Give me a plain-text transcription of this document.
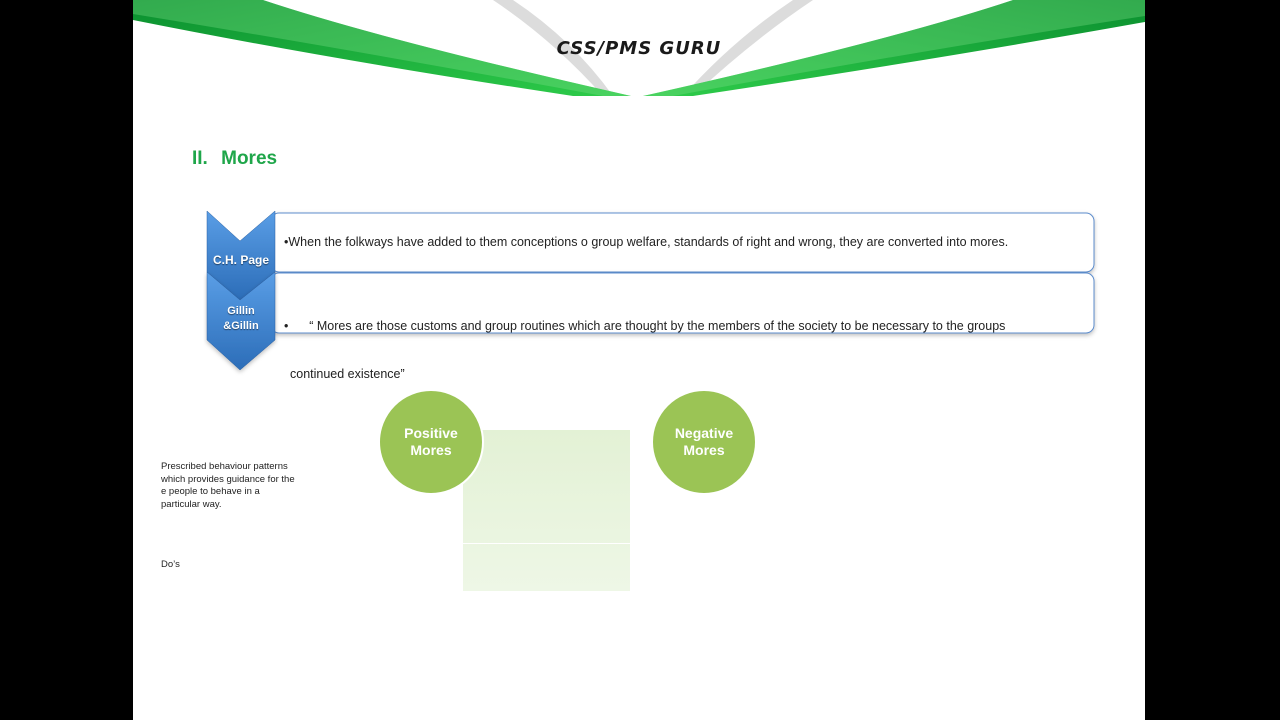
CSS/PMS GURU
II. Mores
C.H. Page
Gillin
&Gillin
•When the folkways have added to them conceptions o group welfare, standards of right and wrong, they are converted into mores.

•      “ Mores are those customs and group routines which are thought by the members of the society to be necessary to the groups

continued existence”

Prescribed behaviour patterns which provides guidance for the e people to behave in a particular way.
Do’s
Positive
Mores
Negative
Mores
